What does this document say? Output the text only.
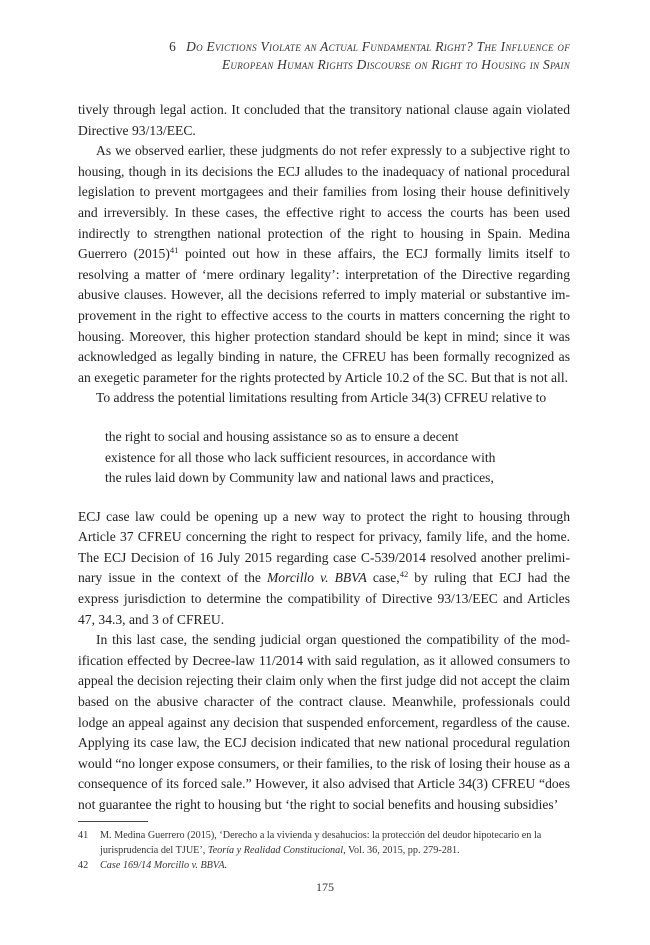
6 Do Evictions Violate an Actual Fundamental Right? The Influence of
European Human Rights Discourse on Right to Housing in Spain

tively through legal action. It concluded that the transitory national clause again violated Directive 93/13/EEC.

As we observed earlier, these judgments do not refer expressly to a subjective right to housing, though in its decisions the ECJ alludes to the inadequacy of national procedural legislation to prevent mortgagees and their families from losing their house definitively and irreversibly. In these cases, the effective right to access the courts has been used indirectly to strengthen national protection of the right to housing in Spain. Medina Guerrero $(2015)^{41}$ pointed out how in these affairs, the ECJ formally limits itself to resolving a matter of ‘mere ordinary legality’: interpretation of the Directive regarding abusive clauses. However, all the decisions referred to imply material or substantive improvement in the right to effective access to the courts in matters concerning the right to housing. Moreover, this higher protection standard should be kept in mind; since it was acknowledged as legally binding in nature, the CFREU has been formally recognized as an exegetic parameter for the rights protected by Article 10.2 of the SC. But that is not all.

To address the potential limitations resulting from Article 34(3) CFREU relative to

the right to social and housing assistance so as to ensure a decent existence for all those who lack sufficient resources, in accordance with the rules laid down by Community law and national laws and practices,

ECJ case law could be opening up a new way to protect the right to housing through Article 37 CFREU concerning the right to respect for privacy, family life, and the home. The ECJ Decision of 16 July 2015 regarding case C-539/2014 resolved another preliminary issue in the context of the Morcillo v. BBVA case,$^{42}$ by ruling that ECJ had the express jurisdiction to determine the compatibility of Directive 93/13/EEC and Articles 47, 34.3, and 3 of CFREU.

In this last case, the sending judicial organ questioned the compatibility of the modification effected by Decree-law 11/2014 with said regulation, as it allowed consumers to appeal the decision rejecting their claim only when the first judge did not accept the claim based on the abusive character of the contract clause. Meanwhile, professionals could lodge an appeal against any decision that suspended enforcement, regardless of the cause. Applying its case law, the ECJ decision indicated that new national procedural regulation would “no longer expose consumers, or their families, to the risk of losing their house as a consequence of its forced sale.” However, it also advised that Article 34(3) CFREU “does not guarantee the right to housing but ‘the right to social benefits and housing subsidies’

41	M. Medina Guerrero (2015), ‘Derecho a la vivienda y desahucios: la protección del deudor hipotecario en la jurisprudencia del TJUE’, Teoría y Realidad Constitucional, Vol. 36, 2015, pp. 279-281.
42	Case 169/14 Morcillo v. BBVA.
175
